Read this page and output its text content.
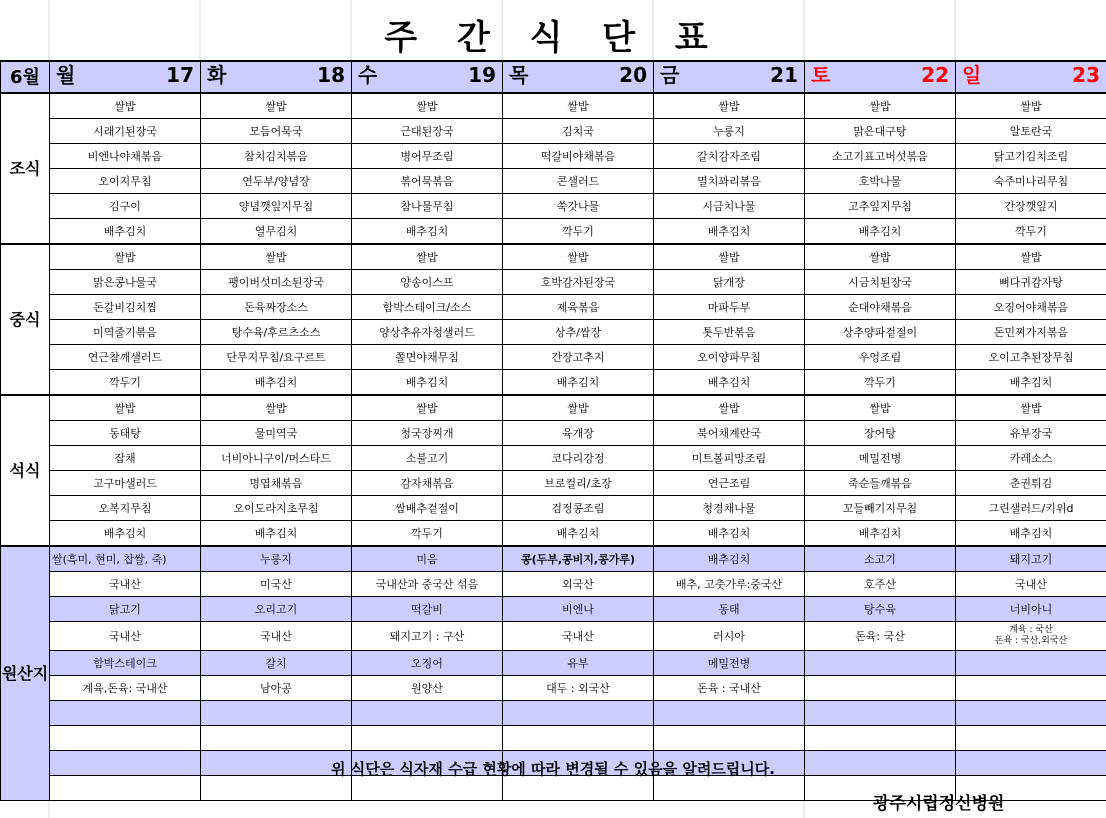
주 간 식 단 표
6월	월 17	화 18	수 19	목 20	금 21	토 22	일 23

조식	쌀밥	쌀밥	쌀밥	쌀밥	쌀밥	쌀밥	쌀밥
	시래기된장국	모듬어묵국	근대된장국	김치국	누룽지	맑은대구탕	알토란국
	비엔나야채볶음	참치김치볶음	병어무조림	떡갈비야채볶음	갈치감자조림	소고기표고버섯볶음	닭고기김치조림
	오이지무침	연두부/양념장	볶어묵볶음	콘샐러드	멸치꽈리볶음	호박나물	숙주미나리무침
	김구이	양념깻잎지무침	참나물무침	쑥갓나물	시금치나물	고추잎지무침	간장깻잎지
	배추김치	열무김치	배추김치	깍두기	배추김치	배추김치	깍두기
중식	쌀밥	쌀밥	쌀밥	쌀밥	쌀밥	쌀밥	쌀밥
	맑은콩나물국	팽이버섯미소된장국	양송이스프	호박감자된장국	닭개장	시금치된장국	뼈다귀감자탕
	돈갈비김치찜	돈육짜장소스	함박스테이크/소스	제육볶음	마파두부	순대야채볶음	오징어야채볶음
	미역줄기볶음	탕수육/후르츠소스	양상추유자청샐러드	상추/쌈장	톳두반볶음	상추양파겉절이	돈민찌가지볶음
	연근참깨샐러드	단무지무침/요구르트	쫄면야채무침	간장고추지	오이양파무침	우엉조림	오이고추된장무침
	깍두기	배추김치	배추김치	배추김치	배추김치	깍두기	배추김치
석식	쌀밥	쌀밥	쌀밥	쌀밥	쌀밥	쌀밥	쌀밥
	동태탕	물미역국	청국장찌개	육개장	북어채계란국	장어탕	유부장국
	잡채	너비아니구이/머스타드	소불고기	코다리강정	미트볼피망조림	메밀전병	카레소스
	고구마샐러드	명엽채볶음	감자채볶음	브로컬리/초장	연근조림	죽순들깨볶음	춘권튀김
	오복지무침	오이도라지초무침	쌈배추겉절이	검정콩조림	청경채나물	꼬들빼기지무침	그린샐러드/키위d
	배추김치	배추김치	깍두기	배추김치	배추김치	배추김치	배추김치
원산지	쌀(흑미, 현미, 찹쌀, 죽)	누룽지	미음	콩(두부,콩비지,콩가루)	배추김치	소고기	돼지고기
	국내산	미국산	국내산과 중국산 섞음	외국산	배추, 고춧가루:중국산	호주산	국내산
	닭고기	오리고기	떡갈비	비엔나	동태	탕수육	너비아니
	국내산	국내산	돼지고기 : 구산	국내산	러시아	돈육: 국산	계육 : 국산
돈육 : 국산,외국산

	함박스테이크	갈치	오징어	유부	메밀전병		
	계육,돈육: 국내산	남아공	원양산	대두 : 외국산	돈육 : 국내산		

위 식단은 식자재 수급 현황에 따라 변경될 수 있음을 알려드립니다.
광주시립정신병원
